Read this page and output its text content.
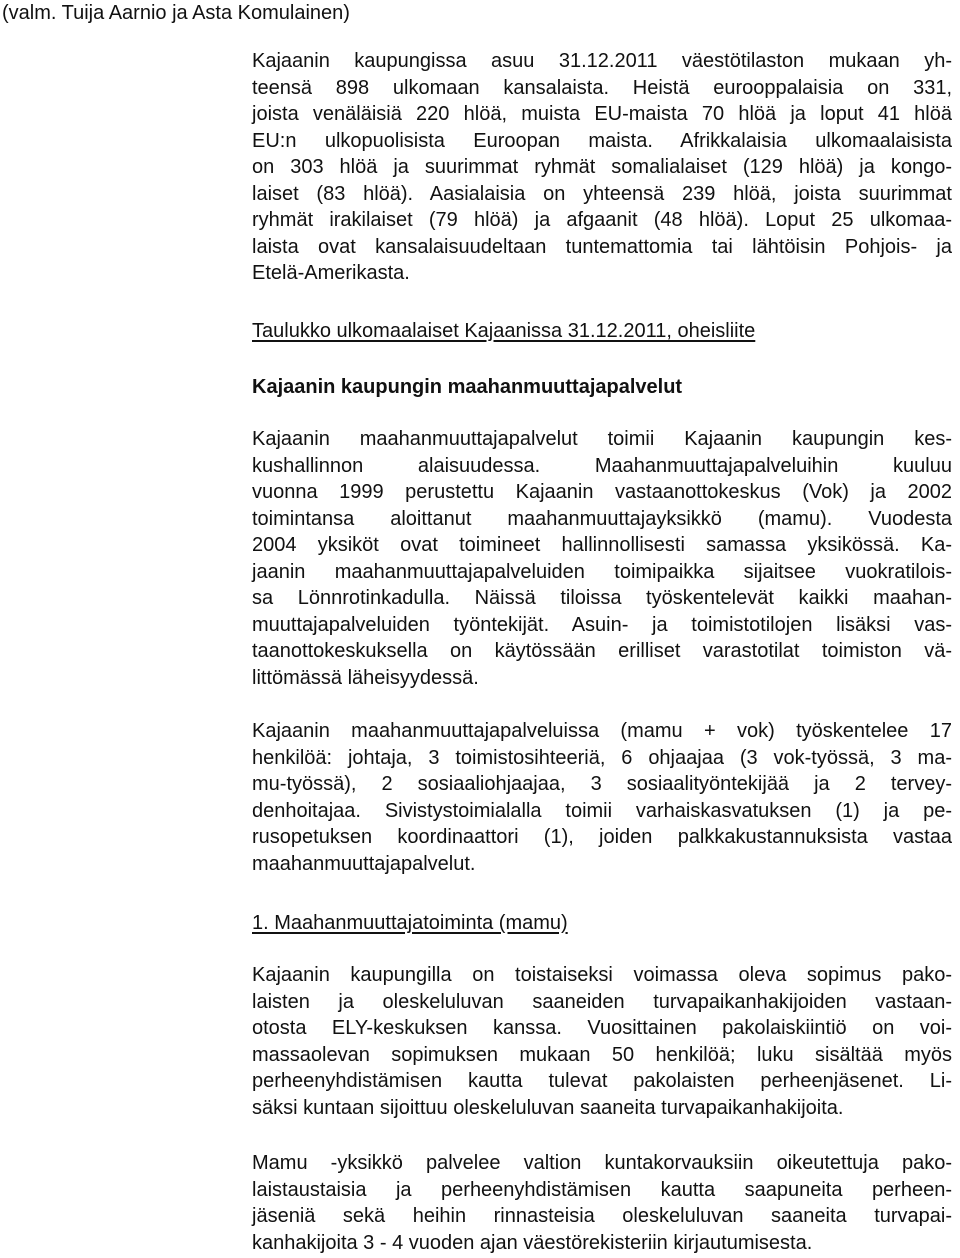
(valm. Tuija Aarnio ja Asta Komulainen)
Kajaanin kaupungissa asuu 31.12.2011 väestötilaston mukaan yh-
teensä 898 ulkomaan kansalaista. Heistä eurooppalaisia on 331,
joista venäläisiä 220 hlöä, muista EU-maista 70 hlöä ja loput 41 hlöä
EU:n ulkopuolisista Euroopan maista. Afrikkalaisia ulkomaalaisista
on 303 hlöä ja suurimmat ryhmät somalialaiset (129 hlöä) ja kongo-
laiset (83 hlöä). Aasialaisia on yhteensä 239 hlöä, joista suurimmat
ryhmät irakilaiset (79 hlöä) ja afgaanit (48 hlöä). Loput 25 ulkomaa-
laista ovat kansalaisuudeltaan tuntemattomia tai lähtöisin Pohjois- ja
Etelä-Amerikasta.
Taulukko ulkomaalaiset Kajaanissa 31.12.2011, oheisliite
Kajaanin kaupungin maahanmuuttajapalvelut
Kajaanin maahanmuuttajapalvelut toimii Kajaanin kaupungin kes-
kushallinnon alaisuudessa. Maahanmuuttajapalveluihin kuuluu
vuonna 1999 perustettu Kajaanin vastaanottokeskus (Vok) ja 2002
toimintansa aloittanut maahanmuuttajayksikkö (mamu). Vuodesta
2004 yksiköt ovat toimineet hallinnollisesti samassa yksikössä. Ka-
jaanin maahanmuuttajapalveluiden toimipaikka sijaitsee vuokratilois-
sa Lönnrotinkadulla. Näissä tiloissa työskentelevät kaikki maahan-
muuttajapalveluiden työntekijät. Asuin- ja toimistotilojen lisäksi vas-
taanottokeskuksella on käytössään erilliset varastotilat toimiston vä-
littömässä läheisyydessä.
Kajaanin maahanmuuttajapalveluissa (mamu + vok) työskentelee 17
henkilöä: johtaja, 3 toimistosihteeriä, 6 ohjaajaa (3 vok-työssä, 3 ma-
mu-työssä), 2 sosiaaliohjaajaa, 3 sosiaalityöntekijää ja 2 tervey-
denhoitajaa. Sivistystoimialalla toimii varhaiskasvatuksen (1) ja pe-
rusopetuksen koordinaattori (1), joiden palkkakustannuksista vastaa
maahanmuuttajapalvelut.
1. Maahanmuuttajatoiminta (mamu)
Kajaanin kaupungilla on toistaiseksi voimassa oleva sopimus pako-
laisten ja oleskeluluvan saaneiden turvapaikanhakijoiden vastaan-
otosta ELY-keskuksen kanssa. Vuosittainen pakolaiskiintiö on voi-
massaolevan sopimuksen mukaan 50 henkilöä; luku sisältää myös
perheenyhdistämisen kautta tulevat pakolaisten perheenjäsenet. Li-
säksi kuntaan sijoittuu oleskeluluvan saaneita turvapaikanhakijoita.
Mamu -yksikkö palvelee valtion kuntakorvauksiin oikeutettuja pako-
laistaustaisia ja perheenyhdistämisen kautta saapuneita perheen-
jäseniä sekä heihin rinnasteisia oleskeluluvan saaneita turvapai-
kanhakijoita 3 - 4 vuoden ajan väestörekisteriin kirjautumisesta.
